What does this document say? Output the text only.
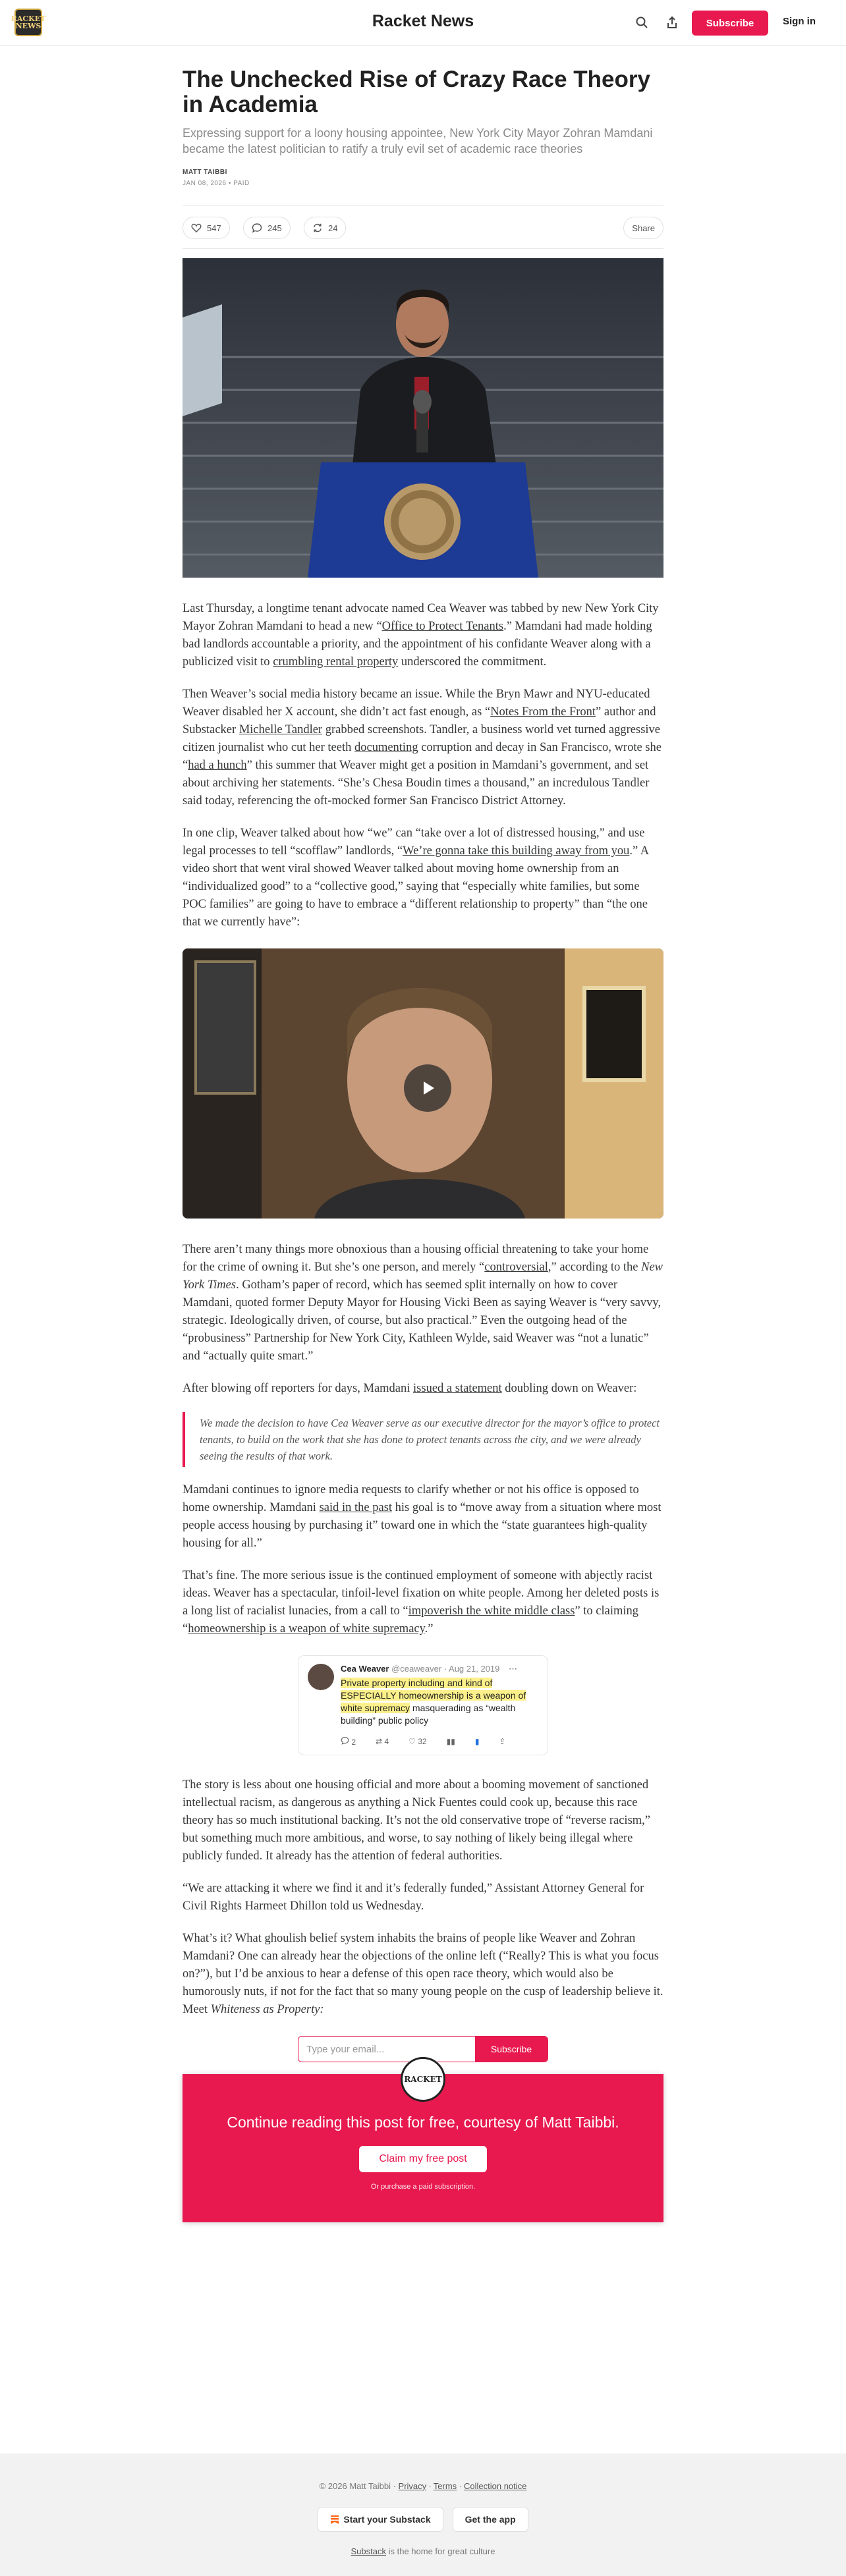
RACKET NEWS	Racket News	Subscribe	Sign in
The Unchecked Rise of Crazy Race Theory in Academia
Expressing support for a loony housing appointee, New York City Mayor Zohran Mamdani became the latest politician to ratify a truly evil set of academic race theories
MATT TAIBBI
JAN 08, 2026 • PAID
547	245	24	Share

Last Thursday, a longtime tenant advocate named Cea Weaver was tabbed by new New York City Mayor Zohran Mamdani to head a new “Office to Protect Tenants.” Mamdani had made holding bad landlords accountable a priority, and the appointment of his confidante Weaver along with a publicized visit to crumbling rental property underscored the commitment.

Then Weaver’s social media history became an issue. While the Bryn Mawr and NYU-educated Weaver disabled her X account, she didn’t act fast enough, as “Notes From the Front” author and Substacker Michelle Tandler grabbed screenshots. Tandler, a business world vet turned aggressive citizen journalist who cut her teeth documenting corruption and decay in San Francisco, wrote she “had a hunch” this summer that Weaver might get a position in Mamdani’s government, and set about archiving her statements. “She’s Chesa Boudin times a thousand,” an incredulous Tandler said today, referencing the oft-mocked former San Francisco District Attorney.

In one clip, Weaver talked about how “we” can “take over a lot of distressed housing,” and use legal processes to tell “scofflaw” landlords, “We’re gonna take this building away from you.” A video short that went viral showed Weaver talked about moving home ownership from an “individualized good” to a “collective good,” saying that “especially white families, but some POC families” are going to have to embrace a “different relationship to property” than “the one that we currently have”:

There aren’t many things more obnoxious than a housing official threatening to take your home for the crime of owning it. But she’s one person, and merely “controversial,” according to the New York Times. Gotham’s paper of record, which has seemed split internally on how to cover Mamdani, quoted former Deputy Mayor for Housing Vicki Been as saying Weaver is “very savvy, strategic. Ideologically driven, of course, but also practical.” Even the outgoing head of the “probusiness” Partnership for New York City, Kathleen Wylde, said Weaver was “not a lunatic” and “actually quite smart.”

After blowing off reporters for days, Mamdani issued a statement doubling down on Weaver:

We made the decision to have Cea Weaver serve as our executive director for the mayor’s office to protect tenants, to build on the work that she has done to protect tenants across the city, and we were already seeing the results of that work.

Mamdani continues to ignore media requests to clarify whether or not his office is opposed to home ownership. Mamdani said in the past his goal is to “move away from a situation where most people access housing by purchasing it” toward one in which the “state guarantees high-quality housing for all.”

That’s fine. The more serious issue is the continued employment of someone with abjectly racist ideas. Weaver has a spectacular, tinfoil-level fixation on white people. Among her deleted posts is a long list of racialist lunacies, from a call to “impoverish the white middle class” to claiming “homeownership is a weapon of white supremacy.”

Cea Weaver @ceaweaver · Aug 21, 2019 ⋯
Private property including and kind of ESPECIALLY homeownership is a weapon of white supremacy masquerading as “wealth building” public policy
2	⇄ 4	♡ 32	▮▮	▮	⇪

The story is less about one housing official and more about a booming movement of sanctioned intellectual racism, as dangerous as anything a Nick Fuentes could cook up, because this race theory has so much institutional backing. It’s not the old conservative trope of “reverse racism,” but something much more ambitious, and worse, to say nothing of likely being illegal where publicly funded. It already has the attention of federal authorities.

“We are attacking it where we find it and it’s federally funded,” Assistant Attorney General for Civil Rights Harmeet Dhillon told us Wednesday.

What’s it? What ghoulish belief system inhabits the brains of people like Weaver and Zohran Mamdani? One can already hear the objections of the online left (“Really? This is what you focus on?”), but I’d be anxious to hear a defense of this open race theory, which would also be humorously nuts, if not for the fact that so many young people on the cusp of leadership believe it. Meet Whiteness as Property:

Type your email...	Subscribe
RACKET
Continue reading this post for free, courtesy of Matt Taibbi.
Claim my free post
Or purchase a paid subscription.
© 2026 Matt Taibbi · Privacy ∙ Terms ∙ Collection notice
Start your Substack	Get the app
Substack is the home for great culture
